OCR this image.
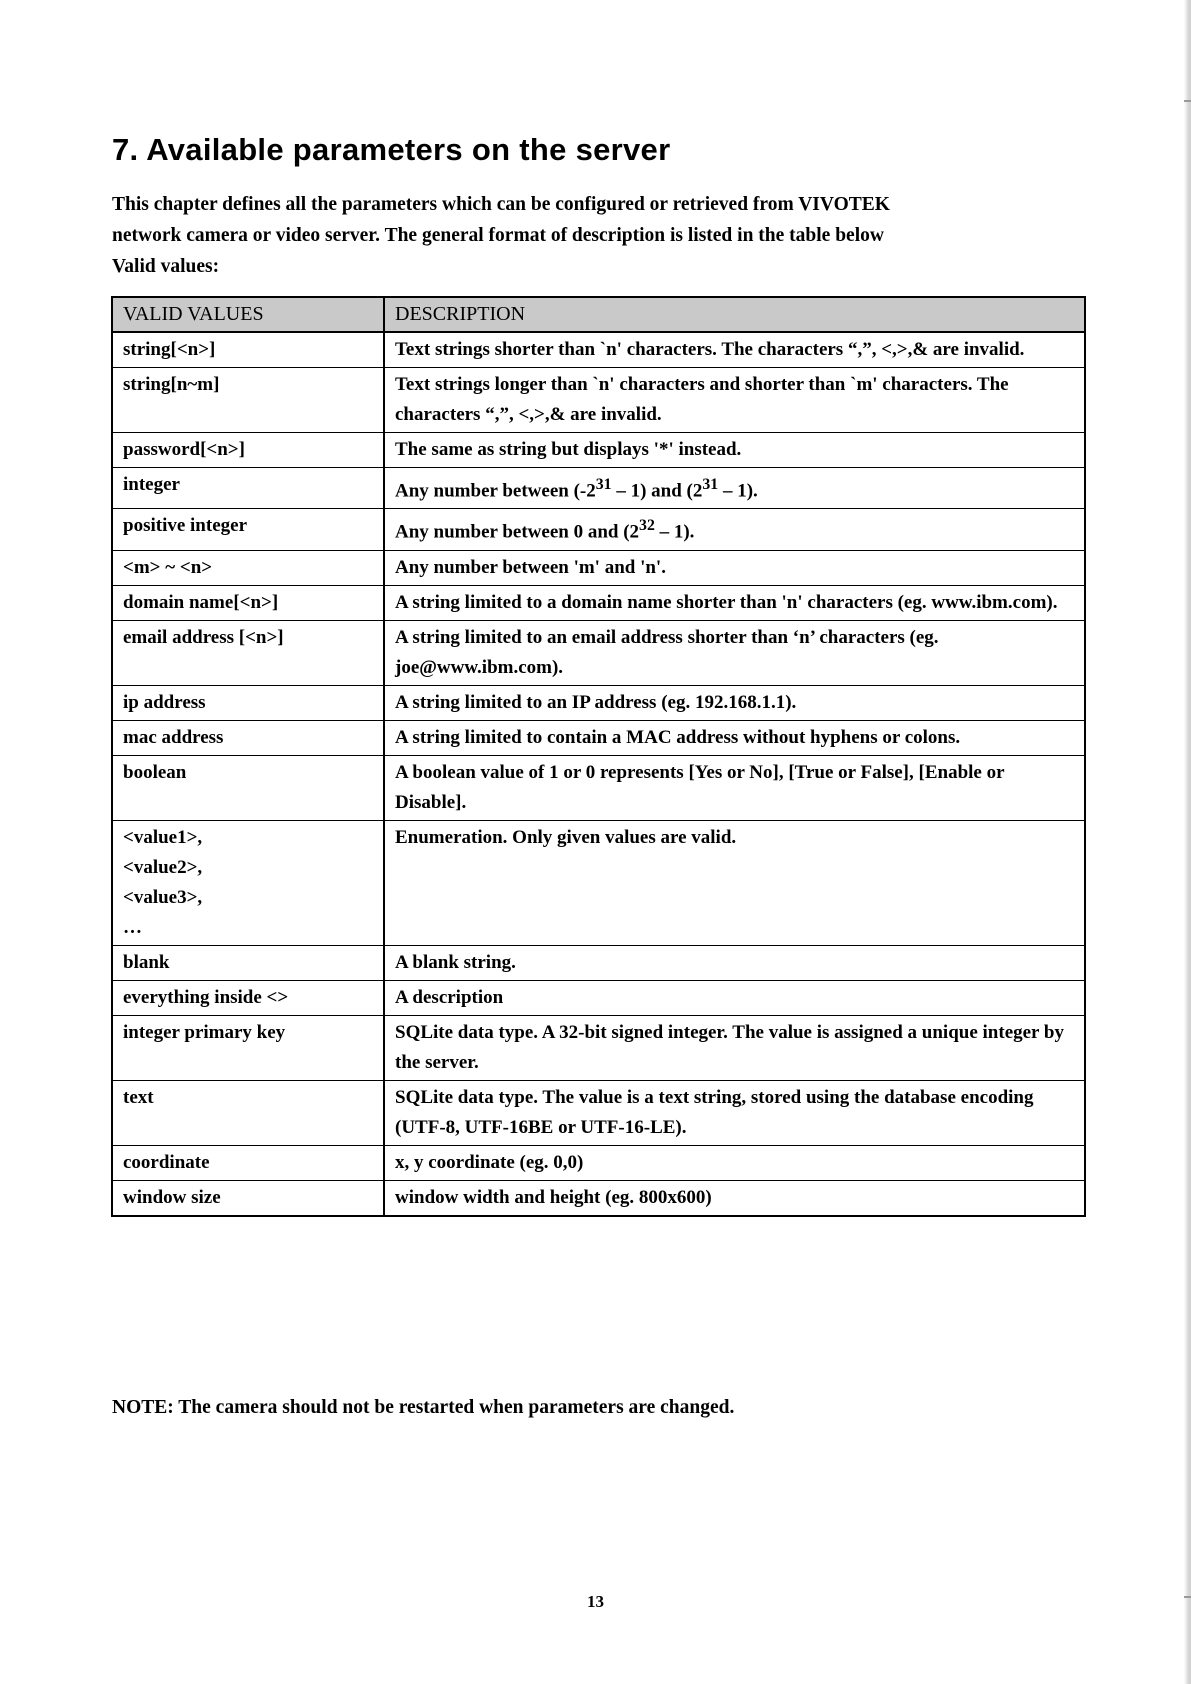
7. Available parameters on the server
This chapter defines all the parameters which can be configured or retrieved from VIVOTEK
network camera or video server. The general format of description is listed in the table below
Valid values:
VALID VALUES	DESCRIPTION
string[<n>]	Text strings shorter than `n' characters. The characters “,”, <,>,& are invalid.
string[n~m]	Text strings longer than `n' characters and shorter than `m' characters. The characters “,”, <,>,& are invalid.
password[<n>]	The same as string but displays '*' instead.
integer	Any number between $(-2^{31} - 1)$ and $(2^{31} - 1)$.
positive integer	Any number between 0 and $(2^{32} - 1)$.
<m> ~ <n>	Any number between 'm' and 'n'.
domain name[<n>]	A string limited to a domain name shorter than 'n' characters (eg. www.ibm.com).
email address [<n>]	A string limited to an email address shorter than ‘n’ characters (eg. joe@www.ibm.com).
ip address	A string limited to an IP address (eg. 192.168.1.1).
mac address	A string limited to contain a MAC address without hyphens or colons.
boolean	A boolean value of 1 or 0 represents [Yes or No], [True or False], [Enable or Disable].

<value1>,
<value2>,
<value3>,
…	Enumeration. Only given values are valid.
blank	A blank string.
everything inside <>	A description
integer primary key	SQLite data type. A 32-bit signed integer. The value is assigned a unique integer by the server.
text	SQLite data type. The value is a text string, stored using the database encoding (UTF-8, UTF-16BE or UTF-16-LE).
coordinate	x, y coordinate (eg. 0,0)
window size	window width and height (eg. 800x600)
NOTE: The camera should not be restarted when parameters are changed.
13
